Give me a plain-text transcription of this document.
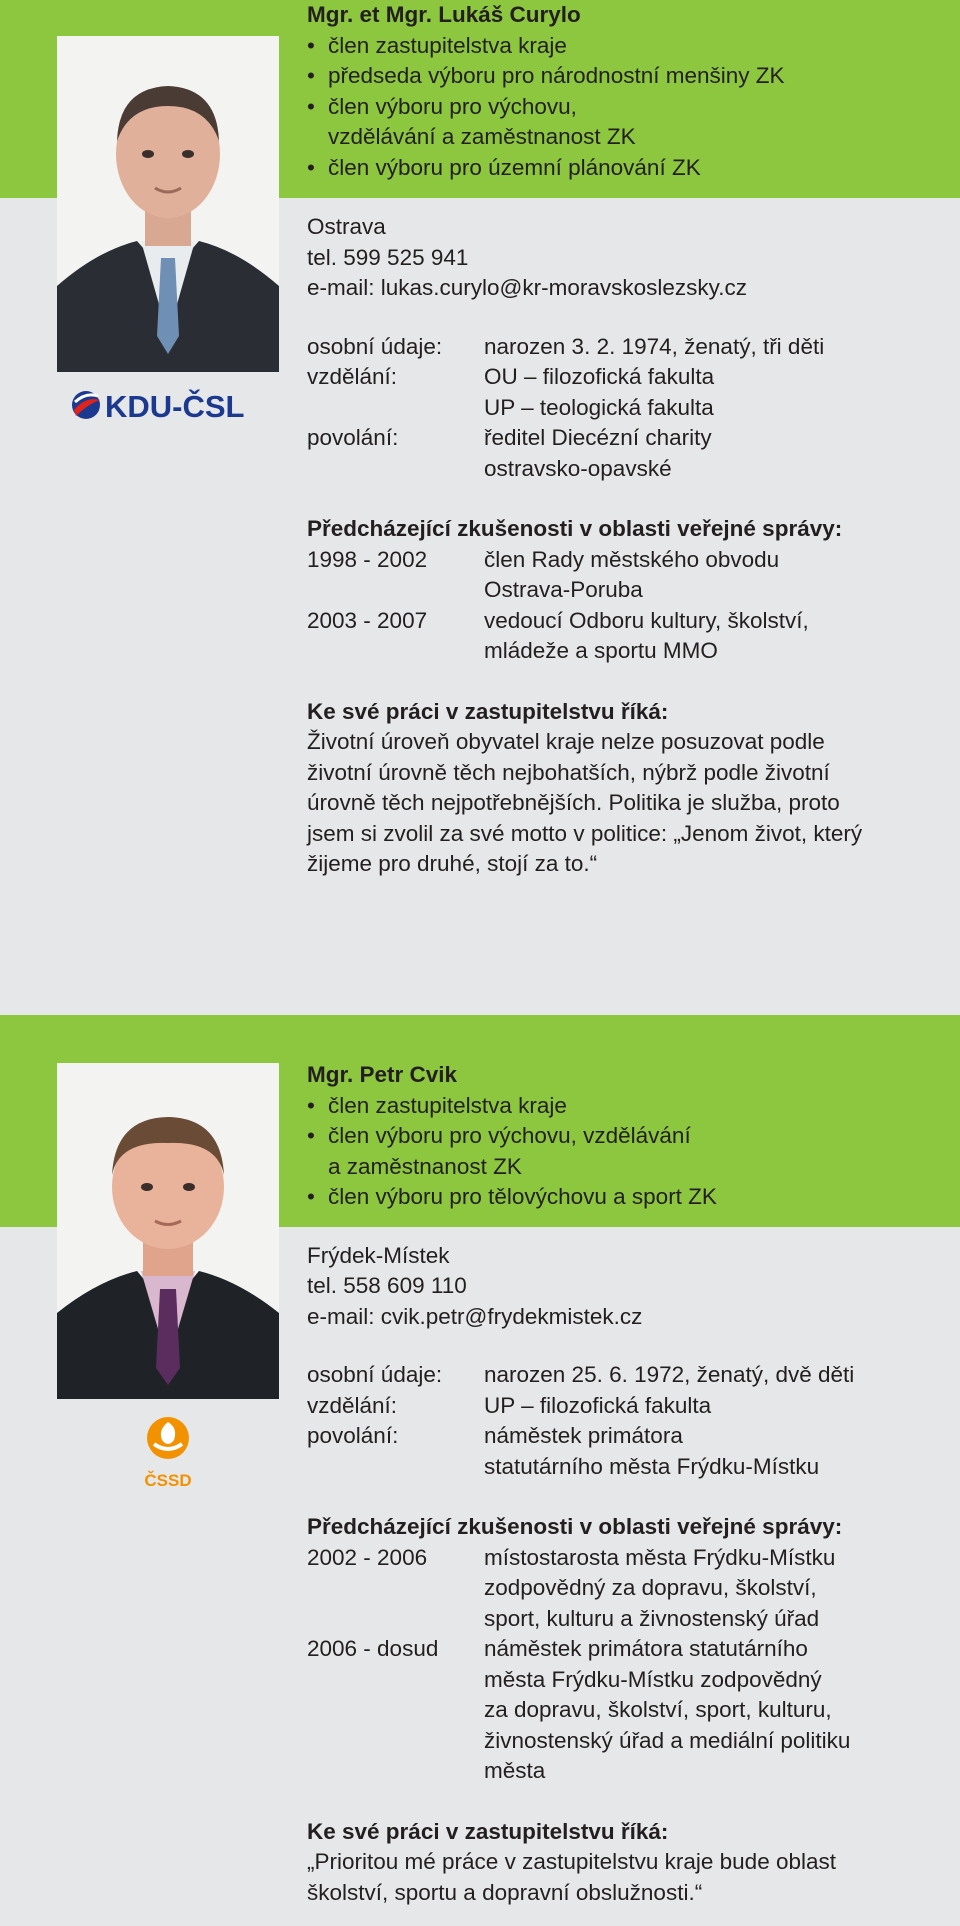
KDU-ČSL

Mgr. et Mgr. Lukáš Curylo

• člen zastupitelstva kraje
• předseda výboru pro národnostní menšiny ZK
• člen výboru pro výchovu,
vzdělávání a zaměstnanost ZK
• člen výboru pro územní plánování ZK
Ostrava
tel. 599 525 941
e-mail: lukas.curylo@kr-moravskoslezsky.cz
osobní údaje:	narozen 3. 2. 1974, ženatý, tři děti
vzdělání:	OU – filozofická fakulta
UP – teologická fakulta
povolání:	ředitel Diecézní charity
ostravsko-opavské

Předcházející zkušenosti v oblasti veřejné správy:

1998 - 2002	člen Rady městského obvodu
Ostrava-Poruba
2003 - 2007	vedoucí Odboru kultury, školství,
mládeže a sportu MMO

Ke své práci v zastupitelstvu říká:

Životní úroveň obyvatel kraje nelze posuzovat podle

životní úrovně těch nejbohatších, nýbrž podle životní

úrovně těch nejpotřebnějších. Politika je služba, proto

jsem si zvolil za své motto v politice: „Jenom život, který

žijeme pro druhé, stojí za to.“

ČSSD

Mgr. Petr Cvik

• člen zastupitelstva kraje
• člen výboru pro výchovu, vzdělávání
a zaměstnanost ZK
• člen výboru pro tělovýchovu a sport ZK
Frýdek-Místek
tel. 558 609 110
e-mail: cvik.petr@frydekmistek.cz
osobní údaje:	narozen 25. 6. 1972, ženatý, dvě děti
vzdělání:	UP – filozofická fakulta
povolání:	náměstek primátora
statutárního města Frýdku-Místku

Předcházející zkušenosti v oblasti veřejné správy:

2002 - 2006	místostarosta města Frýdku-Místku
zodpovědný za dopravu, školství,
sport, kulturu a živnostenský úřad
2006 - dosud	náměstek primátora statutárního
města Frýdku-Místku zodpovědný
za dopravu, školství, sport, kulturu,
živnostenský úřad a mediální politiku
města

Ke své práci v zastupitelstvu říká:

„Prioritou mé práce v zastupitelstvu kraje bude oblast

školství, sportu a dopravní obslužnosti.“
